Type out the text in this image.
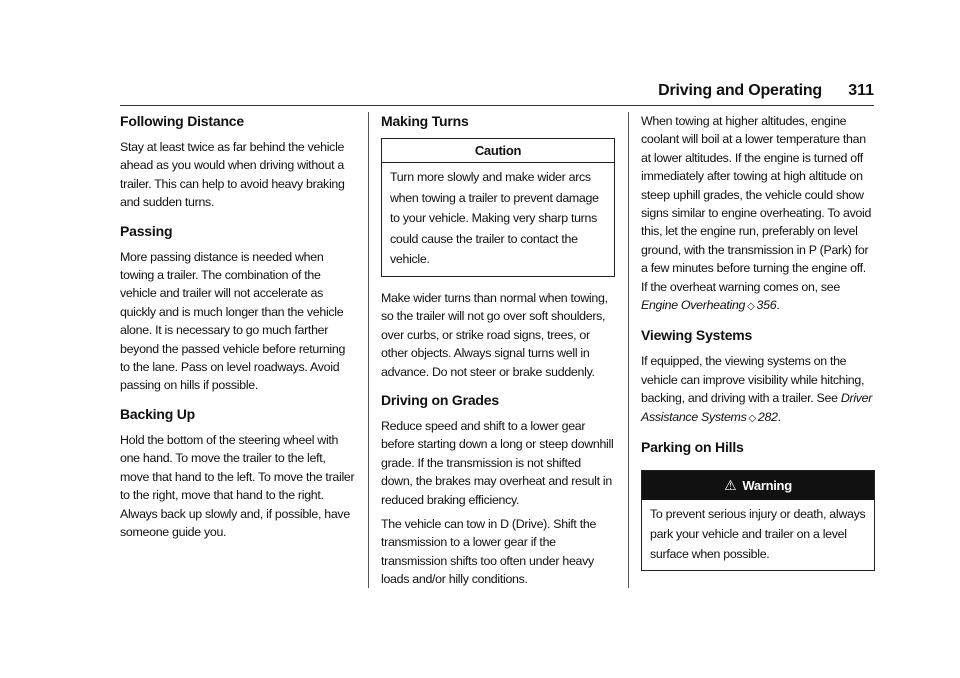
Driving and Operating 311
Following Distance

Stay at least twice as far behind the vehicle ahead as you would when driving without a trailer. This can help to avoid heavy braking and sudden turns.

Passing

More passing distance is needed when towing a trailer. The combination of the vehicle and trailer will not accelerate as quickly and is much longer than the vehicle alone. It is necessary to go much farther beyond the passed vehicle before returning to the lane. Pass on level roadways. Avoid passing on hills if possible.

Backing Up

Hold the bottom of the steering wheel with one hand. To move the trailer to the left, move that hand to the left. To move the trailer to the right, move that hand to the right. Always back up slowly and, if possible, have someone guide you.

Making Turns
Caution
Turn more slowly and make wider arcs when towing a trailer to prevent damage to your vehicle. Making very sharp turns could cause the trailer to contact the vehicle.

Make wider turns than normal when towing, so the trailer will not go over soft shoulders, over curbs, or strike road signs, trees, or other objects. Always signal turns well in advance. Do not steer or brake suddenly.

Driving on Grades

Reduce speed and shift to a lower gear before starting down a long or steep downhill grade. If the transmission is not shifted down, the brakes may overheat and result in reduced braking efficiency.

The vehicle can tow in D (Drive). Shift the transmission to a lower gear if the transmission shifts too often under heavy loads and/or hilly conditions.

When towing at higher altitudes, engine coolant will boil at a lower temperature than at lower altitudes. If the engine is turned off immediately after towing at high altitude on steep uphill grades, the vehicle could show signs similar to engine overheating. To avoid this, let the engine run, preferably on level ground, with the transmission in P (Park) for a few minutes before turning the engine off. If the overheat warning comes on, see Engine Overheating ◇ 356.

Viewing Systems

If equipped, the viewing systems on the vehicle can improve visibility while hitching, backing, and driving with a trailer. See Driver Assistance Systems ◇ 282.

Parking on Hills
⚠ Warning
To prevent serious injury or death, always park your vehicle and trailer on a level surface when possible.
